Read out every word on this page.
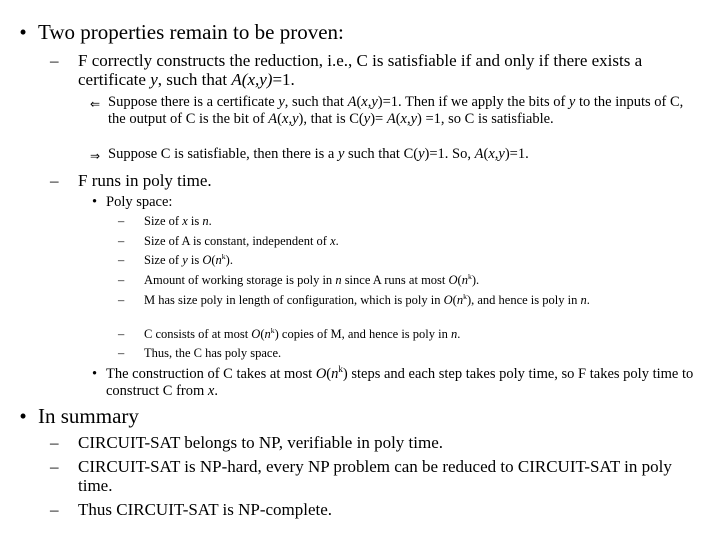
• Two properties remain to be proven:
–	F correctly constructs the reduction, i.e., C is satisfiable if and only if there exists a certificate y, such that A(x,y)=1.
⇐ Suppose there is a certificate y, such that A(x,y)=1. Then if we apply the bits of y to the inputs of C, the output of C is the bit of A(x,y), that is C(y)= A(x,y) =1, so C is satisfiable.
⇒ Suppose C is satisfiable, then there is a y such that C(y)=1. So, A(x,y)=1.
–	F runs in poly time.
• Poly space:
–	Size of x is n.
–	Size of A is constant, independent of x.
–	Size of y is $O(n^k)$.
–	Amount of working storage is poly in n since A runs at most $O(n^k)$.
–	M has size poly in length of configuration, which is poly in $O(n^k)$, and hence is poly in n.
–	C consists of at most $O(n^k)$ copies of M, and hence is poly in n.
–	Thus, the C has poly space.
• The construction of C takes at most $O(n^k)$ steps and each step takes poly time, so F takes poly time to construct C from x.
• In summary
–	CIRCUIT-SAT belongs to NP, verifiable in poly time.
–	CIRCUIT-SAT is NP-hard, every NP problem can be reduced to CIRCUIT-SAT in poly time.
–	Thus CIRCUIT-SAT is NP-complete.
